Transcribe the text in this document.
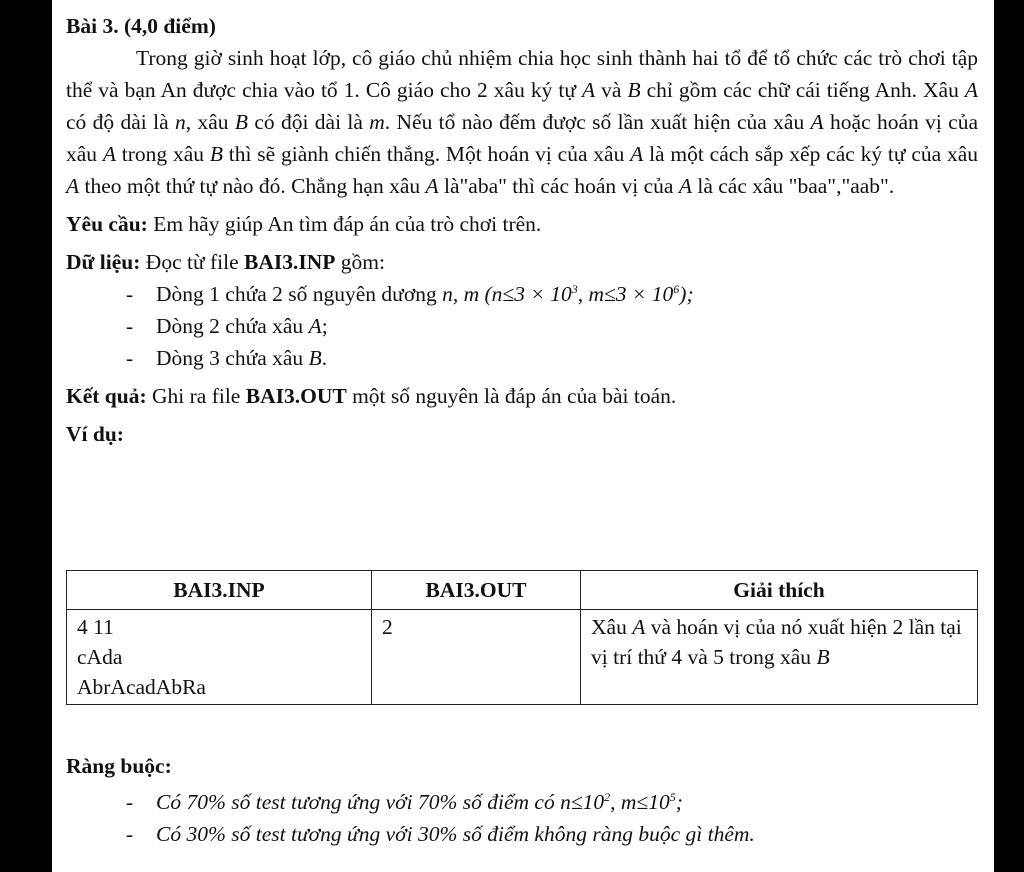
Bài 3. (4,0 điểm)

Trong giờ sinh hoạt lớp, cô giáo chủ nhiệm chia học sinh thành hai tổ để tổ chức các trò chơi tập thể và bạn An được chia vào tổ 1. Cô giáo cho 2 xâu ký tự A và B chỉ gồm các chữ cái tiếng Anh. Xâu A có độ dài là n, xâu B có đội dài là m. Nếu tổ nào đếm được số lần xuất hiện của xâu A hoặc hoán vị của xâu A trong xâu B thì sẽ giành chiến thắng. Một hoán vị của xâu A là một cách sắp xếp các ký tự của xâu A theo một thứ tự nào đó. Chẳng hạn xâu A là"aba" thì các hoán vị của A là các xâu "baa","aab".

Yêu cầu: Em hãy giúp An tìm đáp án của trò chơi trên.

Dữ liệu: Đọc từ file BAI3.INP gồm:

- Dòng 1 chứa 2 số nguyên dương n, m ($n\le 3 \times 10^3$, $m\le 3 \times 10^6$);
- Dòng 2 chứa xâu A;
- Dòng 3 chứa xâu B.

Kết quả: Ghi ra file BAI3.OUT một số nguyên là đáp án của bài toán.

Ví dụ:

BAI3.INP	BAI3.OUT	Giải thích

4 11
cAda
AbrAcadAbRa	2	Xâu A và hoán vị của nó xuất hiện 2 lần tại vị trí thứ 4 và 5 trong xâu B

Ràng buộc:

- Có 70% số test tương ứng với 70% số điểm có $n\le 10^2$, $m\le 10^5$;
- Có 30% số test tương ứng với 30% số điểm không ràng buộc gì thêm.
